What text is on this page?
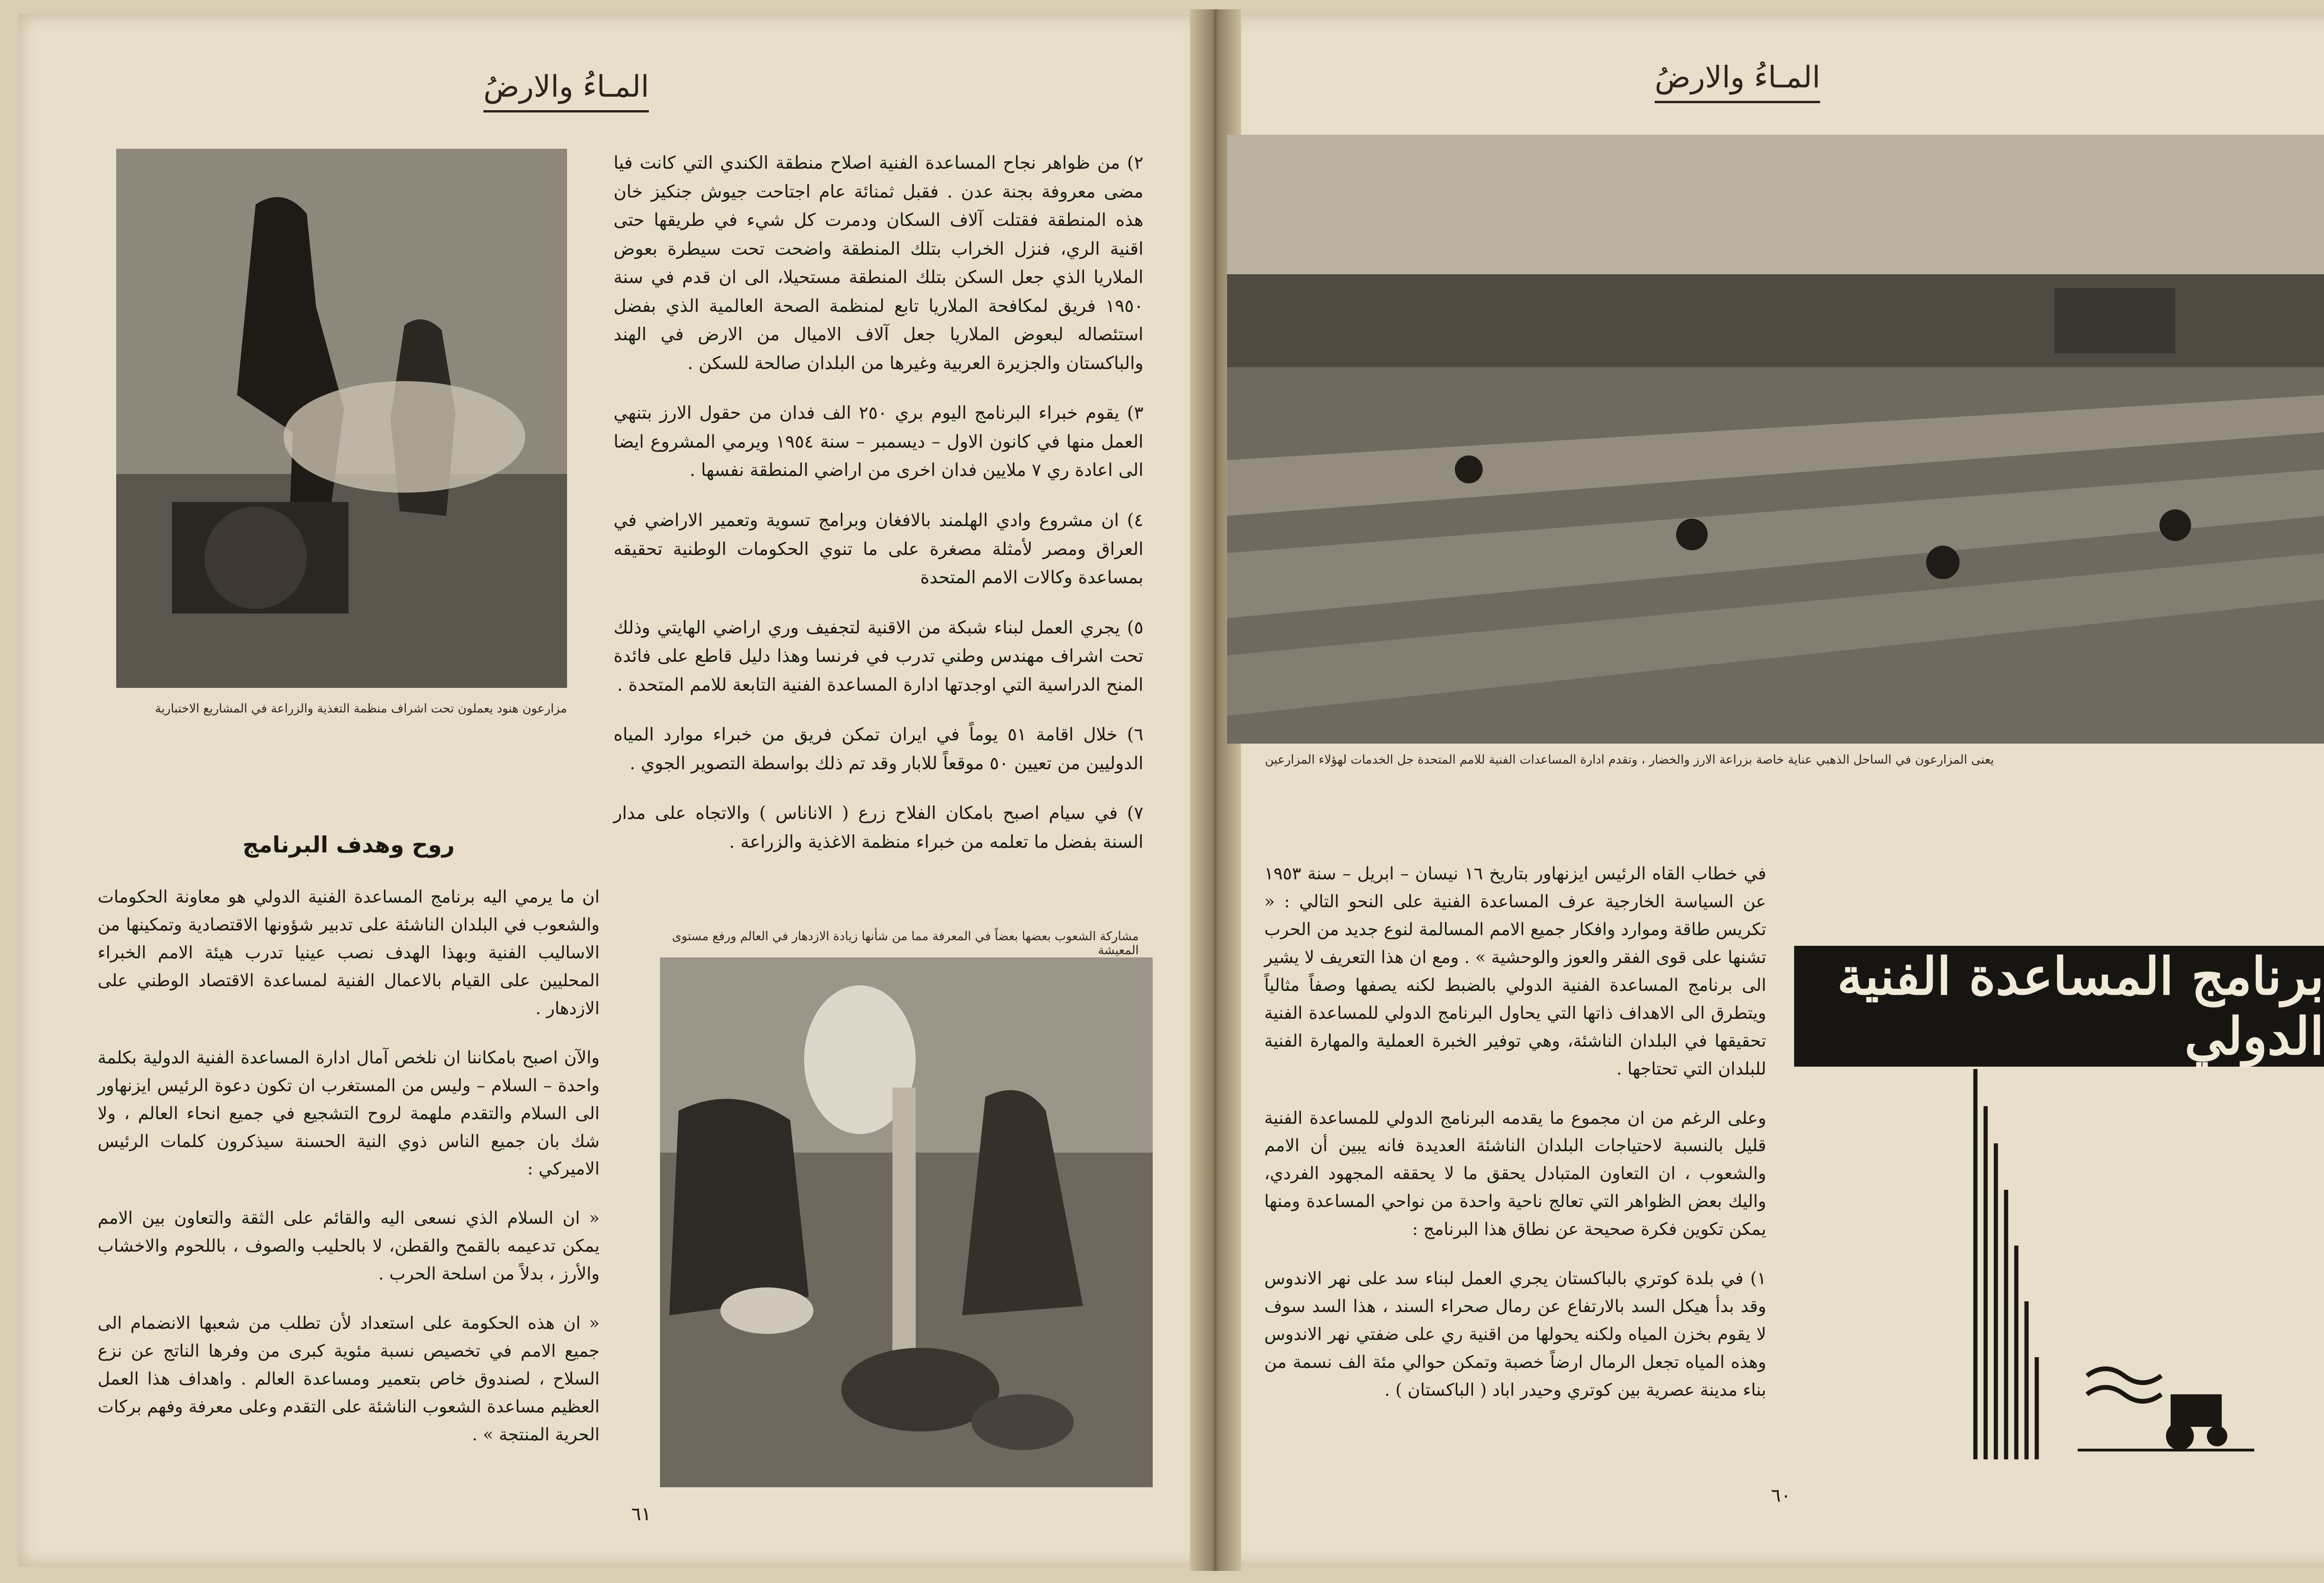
المـاءُ والارضُ
مزارعون هنود يعملون تحت اشراف منظمة التغذية والزراعة في المشاريع الاختبارية

٢) من ظواهر نجاح المساعدة الفنية اصلاح منطقة الكندي التي كانت فيا مضى معروفة بجنة عدن . فقبل ثمنائة عام اجتاحت جيوش جنكيز خان هذه المنطقة فقتلت آلاف السكان ودمرت كل شيء في طريقها حتى اقنية الري، فنزل الخراب بتلك المنطقة واضحت تحت سيطرة بعوض الملاريا الذي جعل السكن بتلك المنطقة مستحيلا، الى ان قدم في سنة ١٩٥٠ فريق لمكافحة الملاريا تابع لمنظمة الصحة العالمية الذي بفضل استئصاله لبعوض الملاريا جعل آلاف الاميال من الارض في الهند والباكستان والجزيرة العربية وغيرها من البلدان صالحة للسكن .

٣) يقوم خبراء البرنامج اليوم بري ٢٥٠ الف فدان من حقول الارز بتنهي العمل منها في كانون الاول – ديسمبر – سنة ١٩٥٤ ويرمي المشروع ايضا الى اعادة ري ٧ ملايين فدان اخرى من اراضي المنطقة نفسها .

٤) ان مشروع وادي الهلمند بالافغان وبرامج تسوية وتعمير الاراضي في العراق ومصر لأمثلة مصغرة على ما تنوي الحكومات الوطنية تحقيقه بمساعدة وكالات الامم المتحدة

٥) يجري العمل لبناء شبكة من الاقنية لتجفيف وري اراضي الهايتي وذلك تحت اشراف مهندس وطني تدرب في فرنسا وهذا دليل قاطع على فائدة المنح الدراسية التي اوجدتها ادارة المساعدة الفنية التابعة للامم المتحدة .

٦) خلال اقامة ٥١ يوماً في ايران تمكن فريق من خبراء موارد المياه الدوليين من تعيين ٥٠ موقعاً للابار وقد تم ذلك بواسطة التصوير الجوي .

٧) في سيام اصبح بامكان الفلاح زرع ( الاناناس ) والاتجاه على مدار السنة بفضل ما تعلمه من خبراء منظمة الاغذية والزراعة .

روح وهدف البرنامج

ان ما يرمي اليه برنامج المساعدة الفنية الدولي هو معاونة الحكومات والشعوب في البلدان الناشئة على تدبير شؤونها الاقتصادية وتمكينها من الاساليب الفنية وبهذا الهدف نصب عينيا تدرب هيئة الامم الخبراء المحليين على القيام بالاعمال الفنية لمساعدة الاقتصاد الوطني على الازدهار .

والآن اصبح بامكاننا ان نلخص آمال ادارة المساعدة الفنية الدولية بكلمة واحدة – السلام – وليس من المستغرب ان تكون دعوة الرئيس ايزنهاور الى السلام والتقدم ملهمة لروح التشجيع في جميع انحاء العالم ، ولا شك بان جميع الناس ذوي النية الحسنة سيذكرون كلمات الرئيس الاميركي :

« ان السلام الذي نسعى اليه والقائم على الثقة والتعاون بين الامم يمكن تدعيمه بالقمح والقطن، لا بالحليب والصوف ، باللحوم والاخشاب والأرز ، بدلاً من اسلحة الحرب .

« ان هذه الحكومة على استعداد لأن تطلب من شعبها الانضمام الى جميع الامم في تخصيص نسبة مئوية كبرى من وفرها الناتج عن نزع السلاح ، لصندوق خاص بتعمير ومساعدة العالم . واهداف هذا العمل العظيم مساعدة الشعوب الناشئة على التقدم وعلى معرفة وفهم بركات الحرية المنتجة » .

مشاركة الشعوب بعضها بعضاً في المعرفة مما من شأنها زيادة الازدهار في العالم ورفع مستوى المعيشة
٦١
المـاءُ والارضُ
يعنى المزارعون في الساحل الذهبي عناية خاصة بزراعة الارز والخضار ، وتقدم ادارة المساعدات الفنية للامم المتحدة جل الخدمات لهؤلاء المزارعين
برنامج المساعدة الفنية الدولي

في خطاب القاه الرئيس ايزنهاور بتاريخ ١٦ نيسان – ابريل – سنة ١٩٥٣ عن السياسة الخارجية عرف المساعدة الفنية على النحو التالي : « تكريس طاقة وموارد وافكار جميع الامم المسالمة لنوع جديد من الحرب تشنها على قوى الفقر والعوز والوحشية » . ومع ان هذا التعريف لا يشير الى برنامج المساعدة الفنية الدولي بالضبط لكنه يصفها وصفاً مثالياً ويتطرق الى الاهداف ذاتها التي يحاول البرنامج الدولي للمساعدة الفنية تحقيقها في البلدان الناشئة، وهي توفير الخبرة العملية والمهارة الفنية للبلدان التي تحتاجها .

وعلى الرغم من ان مجموع ما يقدمه البرنامج الدولي للمساعدة الفنية قليل بالنسبة لاحتياجات البلدان الناشئة العديدة فانه يبين أن الامم والشعوب ، ان التعاون المتبادل يحقق ما لا يحققه المجهود الفردي، واليك بعض الظواهر التي تعالج ناحية واحدة من نواحي المساعدة ومنها يمكن تكوين فكرة صحيحة عن نطاق هذا البرنامج :

١) في بلدة كوتري بالباكستان يجري العمل لبناء سد على نهر الاندوس وقد بدأ هيكل السد بالارتفاع عن رمال صحراء السند ، هذا السد سوف لا يقوم بخزن المياه ولكنه يحولها من اقنية ري على ضفتي نهر الاندوس وهذه المياه تجعل الرمال ارضاً خصبة وتمكن حوالي مئة الف نسمة من بناء مدينة عصرية بين كوتري وحيدر اباد ( الباكستان ) .

٦٠
